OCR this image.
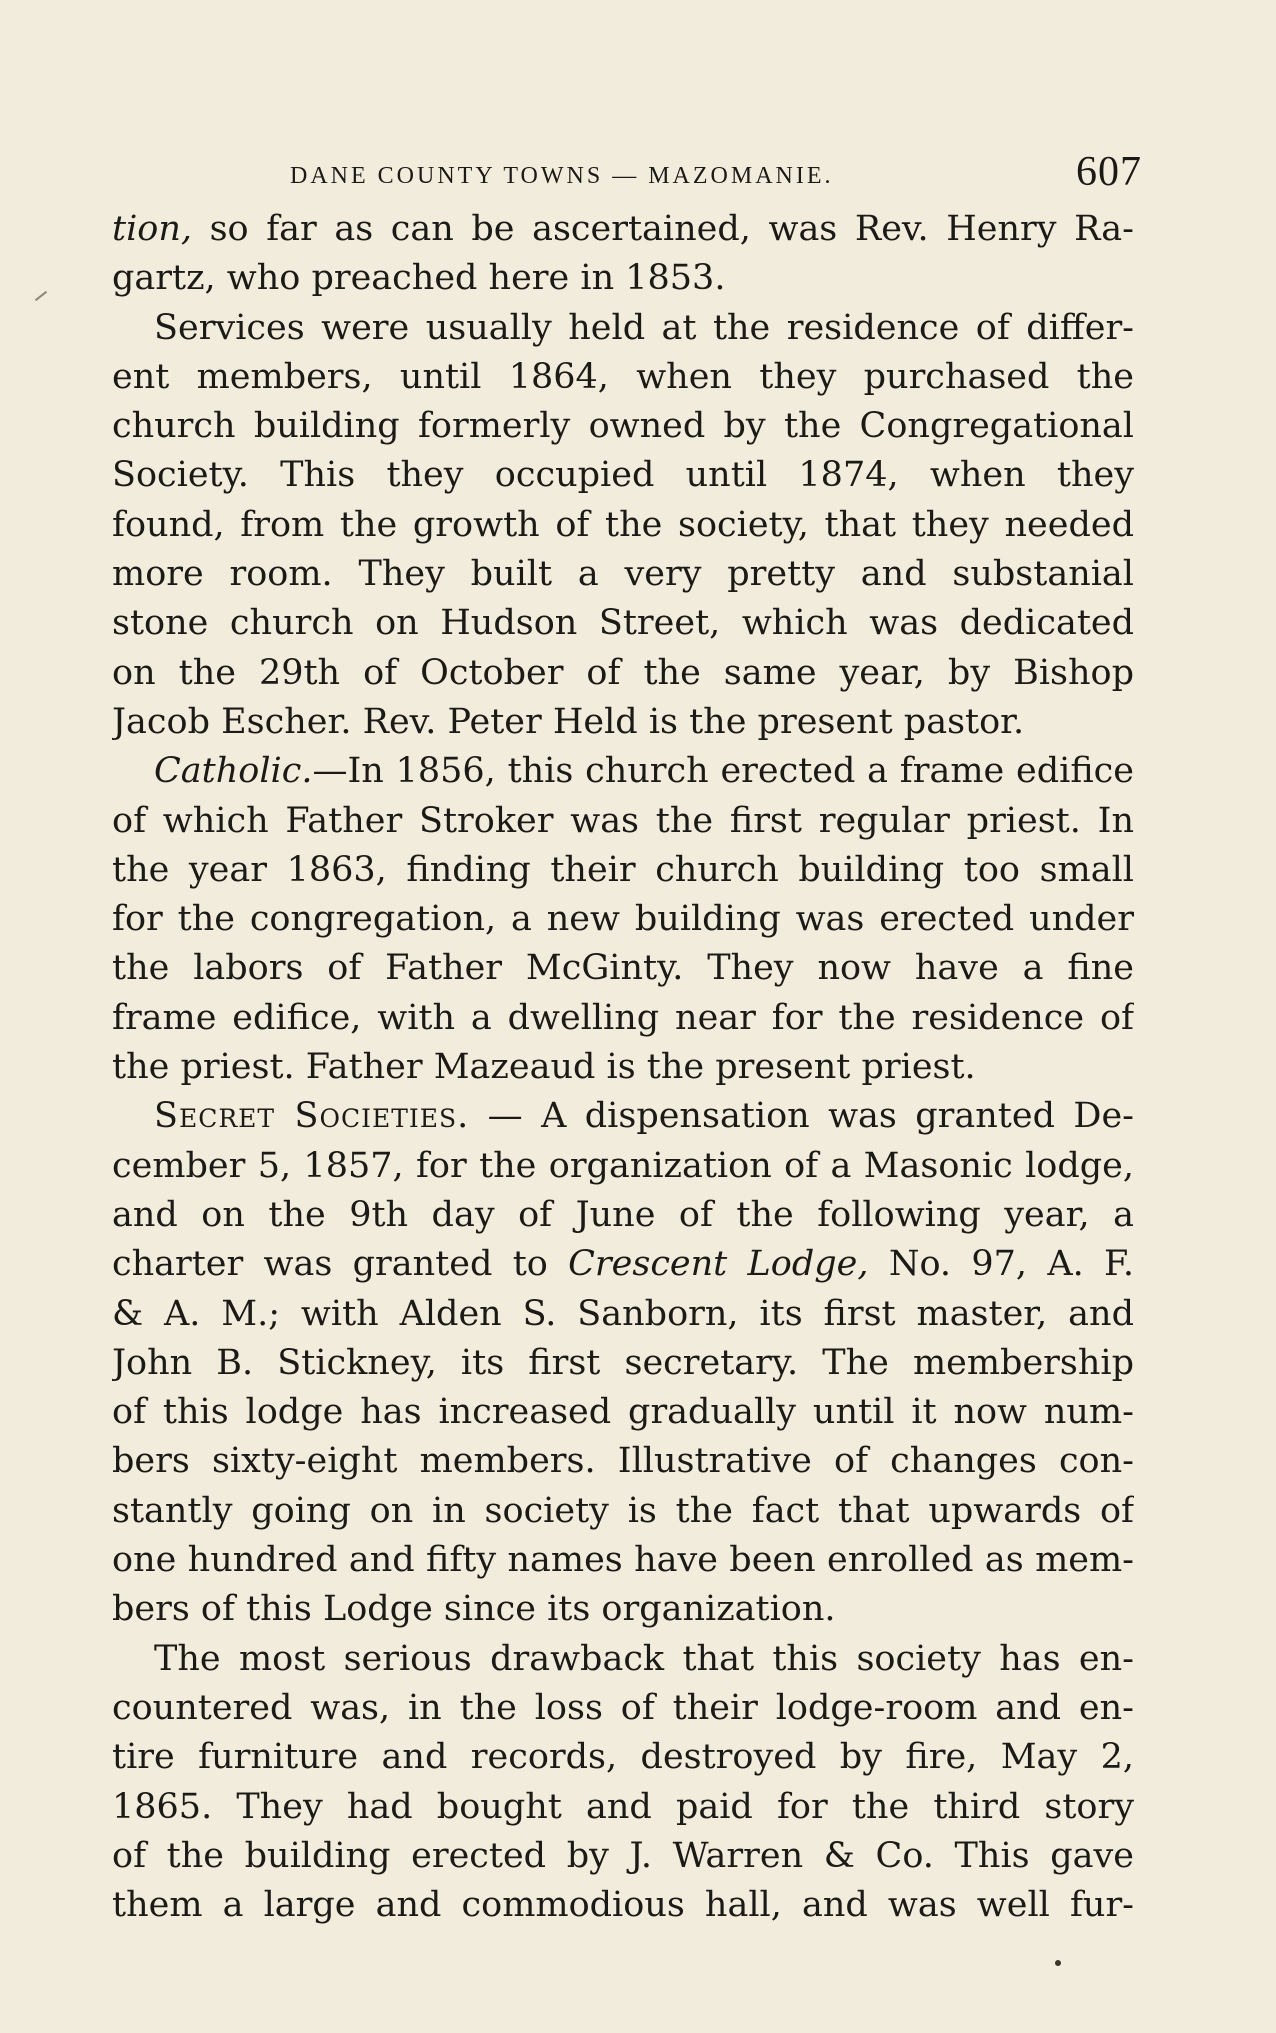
DANE COUNTY TOWNS — MAZOMANIE.	607
tion, so far as can be ascertained, was Rev. Henry Ra-
gartz, who preached here in 1853.
Services were usually held at the residence of differ-
ent members, until 1864, when they purchased the
church building formerly owned by the Congregational
Society. This they occupied until 1874, when they
found, from the growth of the society, that they needed
more room. They built a very pretty and substanial
stone church on Hudson Street, which was dedicated
on the 29th of October of the same year, by Bishop
Jacob Escher. Rev. Peter Held is the present pastor.
Catholic.—In 1856, this church erected a frame edifice
of which Father Stroker was the first regular priest. In
the year 1863, finding their church building too small
for the congregation, a new building was erected under
the labors of Father McGinty. They now have a fine
frame edifice, with a dwelling near for the residence of
the priest. Father Mazeaud is the present priest.
Secret Societies. — A dispensation was granted De-
cember 5, 1857, for the organization of a Masonic lodge,
and on the 9th day of June of the following year, a
charter was granted to Crescent Lodge, No. 97, A. F.
& A. M.; with Alden S. Sanborn, its first master, and
John B. Stickney, its first secretary. The membership
of this lodge has increased gradually until it now num-
bers sixty-eight members. Illustrative of changes con-
stantly going on in society is the fact that upwards of
one hundred and fifty names have been enrolled as mem-
bers of this Lodge since its organization.
The most serious drawback that this society has en-
countered was, in the loss of their lodge-room and en-
tire furniture and records, destroyed by fire, May 2,
1865. They had bought and paid for the third story
of the building erected by J. Warren & Co. This gave
them a large and commodious hall, and was well fur-
